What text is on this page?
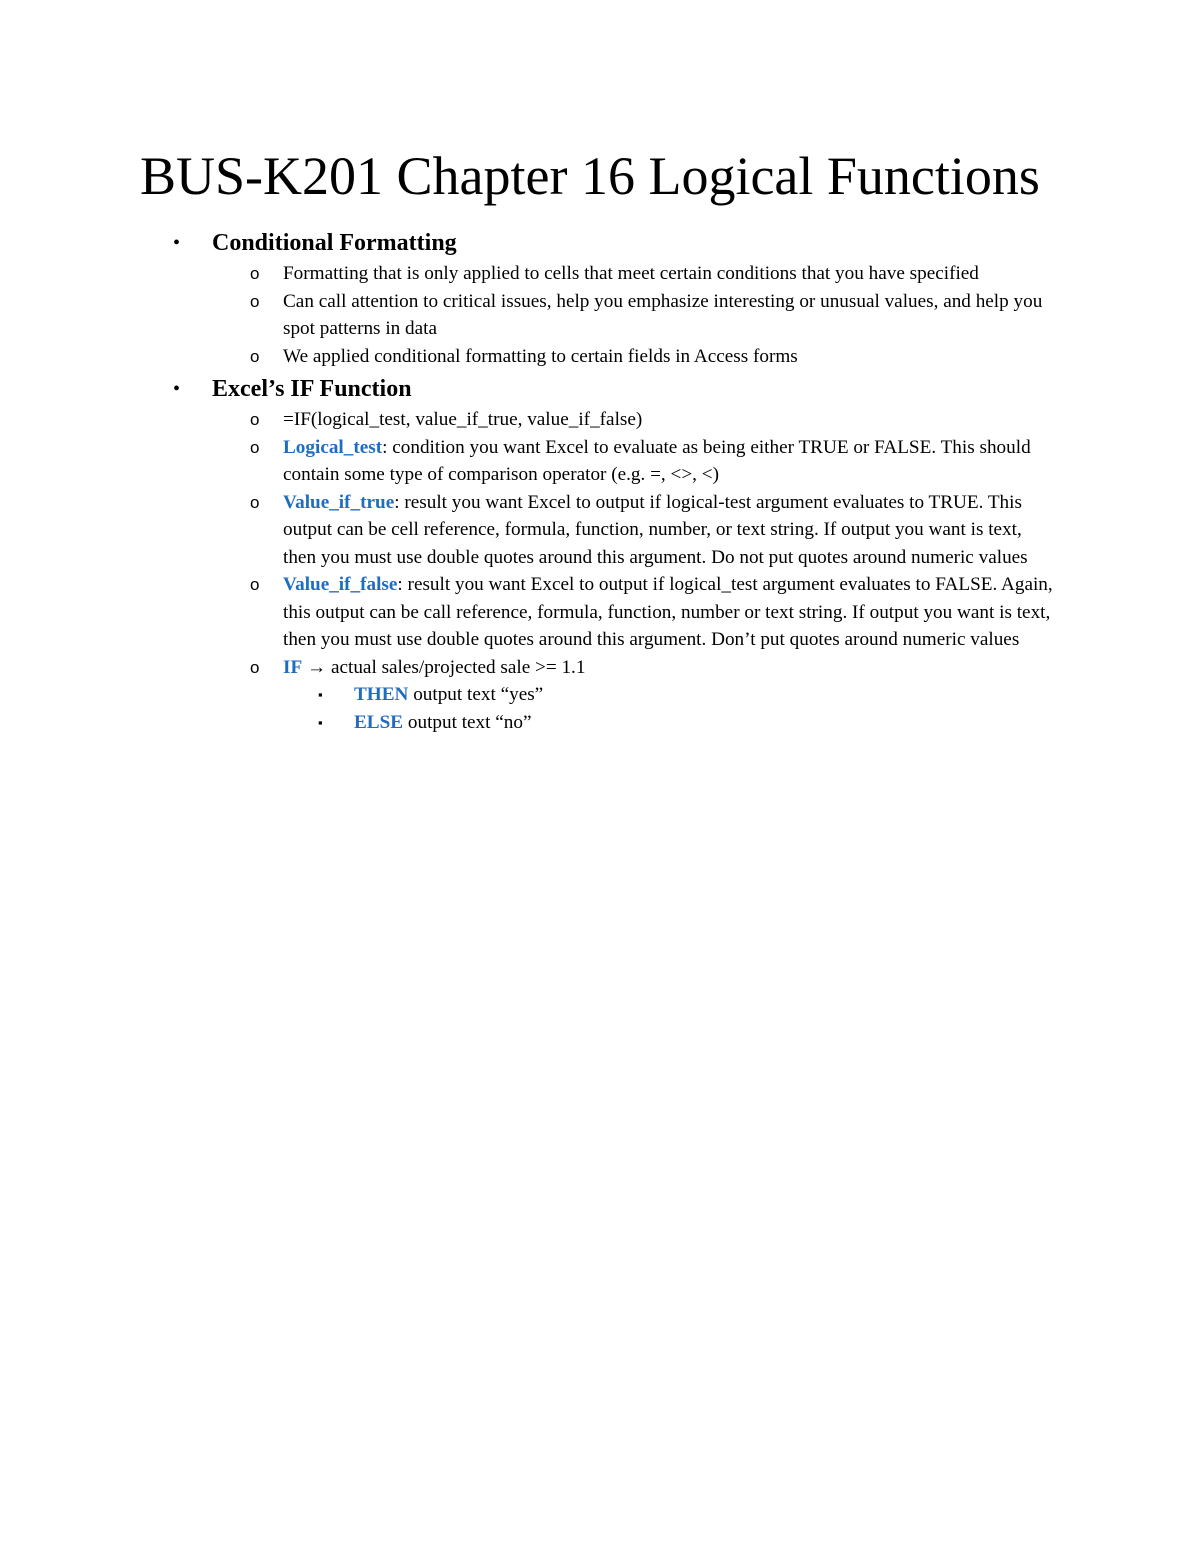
BUS-K201 Chapter 16 Logical Functions
• Conditional Formatting
o Formatting that is only applied to cells that meet certain conditions that you have specified
o Can call attention to critical issues, help you emphasize interesting or unusual values, and help you spot patterns in data
o We applied conditional formatting to certain fields in Access forms
• Excel’s IF Function
o =IF(logical_test, value_if_true, value_if_false)
o Logical_test: condition you want Excel to evaluate as being either TRUE or FALSE. This should contain some type of comparison operator (e.g. =, <>, <)
o Value_if_true: result you want Excel to output if logical-test argument evaluates to TRUE. This output can be cell reference, formula, function, number, or text string. If output you want is text, then you must use double quotes around this argument. Do not put quotes around numeric values
o Value_if_false: result you want Excel to output if logical_test argument evaluates to FALSE. Again, this output can be call reference, formula, function, number or text string. If output you want is text, then you must use double quotes around this argument. Don’t put quotes around numeric values
o IF → actual sales/projected sale >= 1.1
▪ THEN output text “yes”
▪ ELSE output text “no”
